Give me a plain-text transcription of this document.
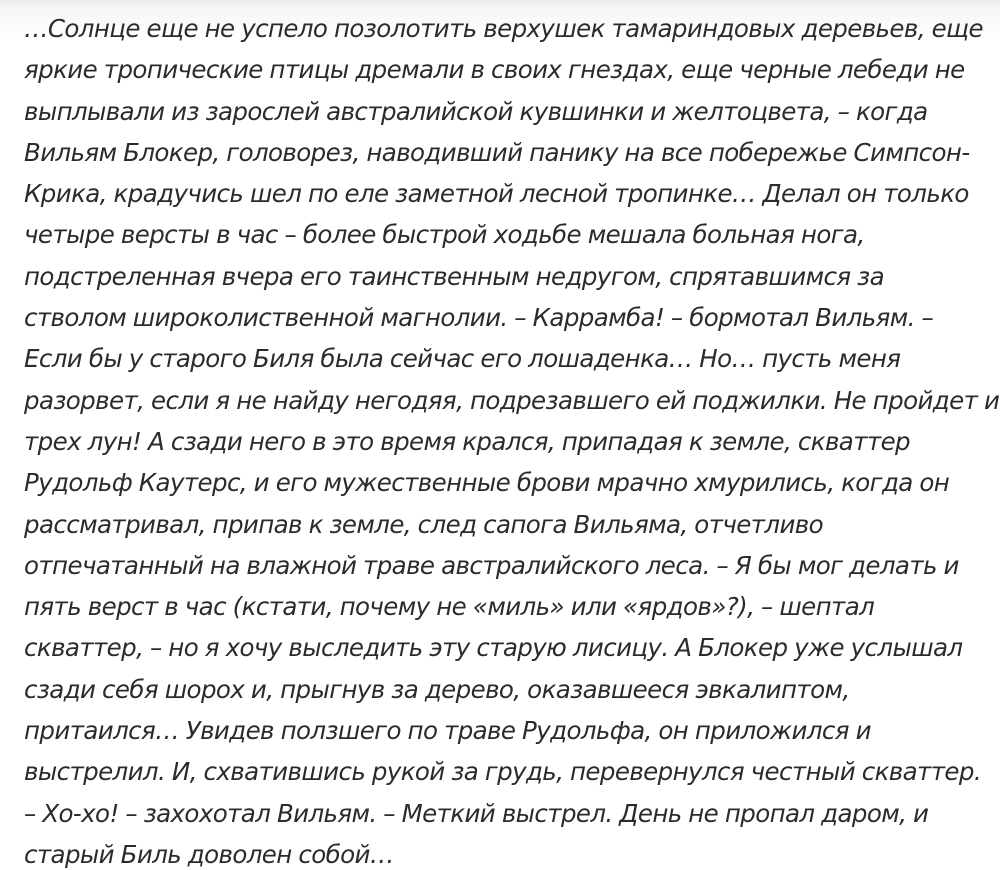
…Солнце еще не успело позолотить верхушек тамариндовых деревьев, еще
яркие тропические птицы дремали в своих гнездах, еще черные лебеди не
выплывали из зарослей австралийской кувшинки и желтоцвета, – когда
Вильям Блокер, головорез, наводивший панику на все побережье Симпсон-
Крика, крадучись шел по еле заметной лесной тропинке… Делал он только
четыре версты в час – более быстрой ходьбе мешала больная нога,
подстреленная вчера его таинственным недругом, спрятавшимся за
стволом широколиственной магнолии. – Каррамба! – бормотал Вильям. –
Если бы у старого Биля была сейчас его лошаденка… Но… пусть меня
разорвет, если я не найду негодяя, подрезавшего ей поджилки. Не пройдет и
трех лун! А сзади него в это время крался, припадая к земле, скваттер
Рудольф Каутерс, и его мужественные брови мрачно хмурились, когда он
рассматривал, припав к земле, след сапога Вильяма, отчетливо
отпечатанный на влажной траве австралийского леса. – Я бы мог делать и
пять верст в час (кстати, почему не «миль» или «ярдов»?), – шептал
скваттер, – но я хочу выследить эту старую лисицу. А Блокер уже услышал
сзади себя шорох и, прыгнув за дерево, оказавшееся эвкалиптом,
притаился… Увидев ползшего по траве Рудольфа, он приложился и
выстрелил. И, схватившись рукой за грудь, перевернулся честный скваттер.
– Хо-хо! – захохотал Вильям. – Меткий выстрел. День не пропал даром, и
старый Биль доволен собой…
